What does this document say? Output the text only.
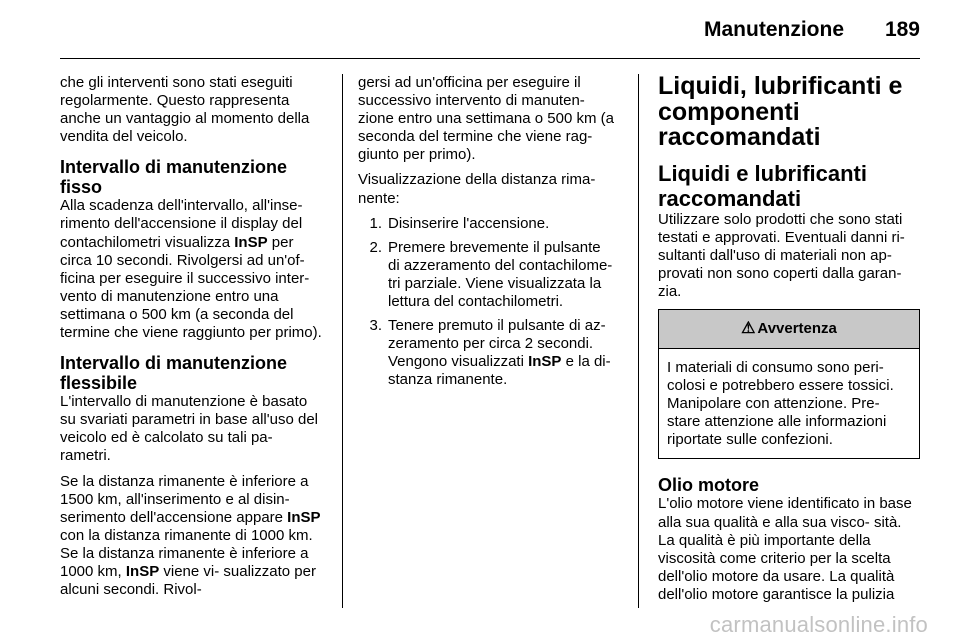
Manutenzione	189

che gli interventi sono stati eseguiti regolarmente. Questo rappresenta anche un vantaggio al momento della vendita del veicolo.

Intervallo di manutenzione fisso

Alla scadenza dell'intervallo, all'inse- rimento dell'accensione il display del contachilometri visualizza InSP per circa 10 secondi. Rivolgersi ad un'of- ficina per eseguire il successivo inter- vento di manutenzione entro una settimana o 500 km (a seconda del termine che viene raggiunto per primo).

Intervallo di manutenzione flessibile

L'intervallo di manutenzione è basato su svariati parametri in base all'uso del veicolo ed è calcolato su tali pa- rametri.

Se la distanza rimanente è inferiore a 1500 km, all'inserimento e al disin- serimento dell'accensione appare InSP con la distanza rimanente di 1000 km. Se la distanza rimanente è inferiore a 1000 km, InSP viene vi- sualizzato per alcuni secondi. Rivol-

gersi ad un'officina per eseguire il successivo intervento di manuten- zione entro una settimana o 500 km (a seconda del termine che viene rag- giunto per primo).

Visualizzazione della distanza rima- nente:

1. Disinserire l'accensione.
2. Premere brevemente il pulsante di azzeramento del contachilome- tri parziale. Viene visualizzata la lettura del contachilometri.
3. Tenere premuto il pulsante di az- zeramento per circa 2 secondi. Vengono visualizzati InSP e la di- stanza rimanente.
Liquidi, lubrificanti e componenti raccomandati
Liquidi e lubrificanti raccomandati

Utilizzare solo prodotti che sono stati testati e approvati. Eventuali danni ri- sultanti dall'uso di materiali non ap- provati non sono coperti dalla garan- zia.

⚠ Avvertenza
I materiali di consumo sono peri- colosi e potrebbero essere tossici. Manipolare con attenzione. Pre- stare attenzione alle informazioni riportate sulle confezioni.
Olio motore

L'olio motore viene identificato in base alla sua qualità e alla sua visco- sità. La qualità è più importante della viscosità come criterio per la scelta dell'olio motore da usare. La qualità dell'olio motore garantisce la pulizia

carmanualsonline.info
